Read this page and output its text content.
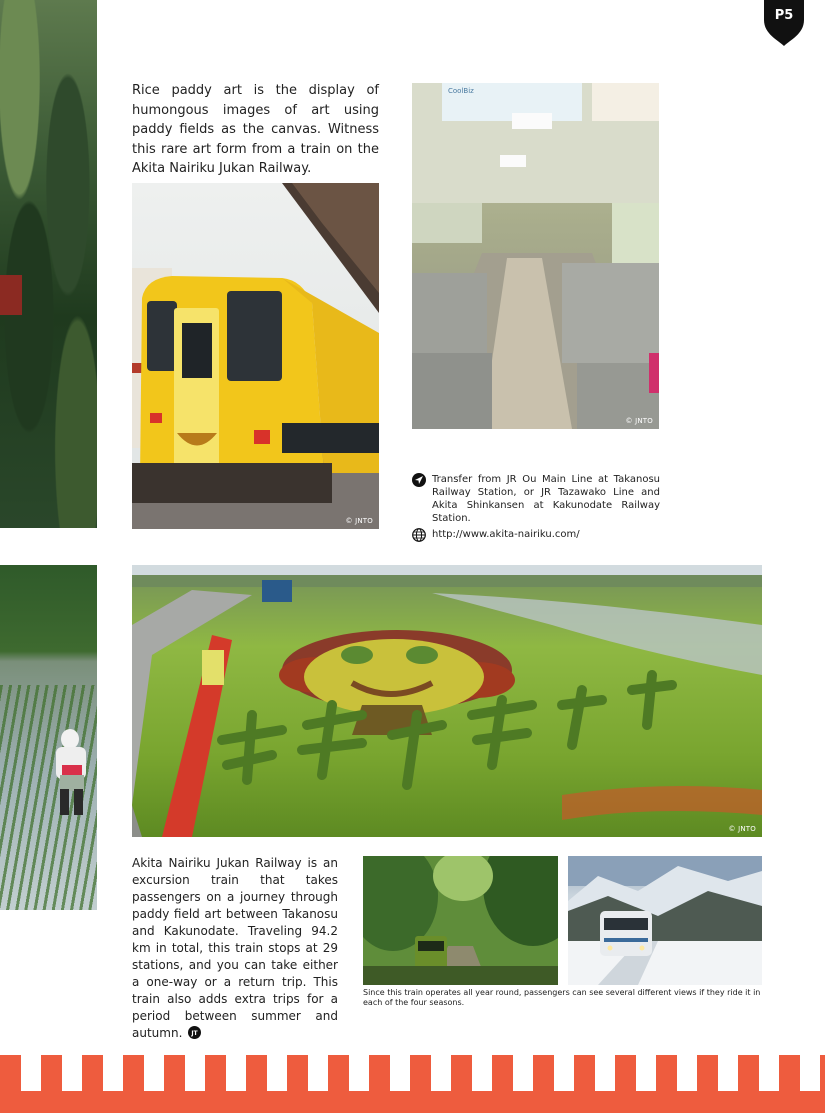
P5
Rice paddy art is the display of humongous images of art using paddy fields as the canvas. Witness this rare art form from a train on the Akita Nairiku Jukan Railway.
© JNTO
CoolBiz
© JNTO
Transfer from JR Ou Main Line at Takanosu Railway Station, or JR Tazawako Line and Akita Shinkansen at Kakunodate Railway Station.
http://www.akita-nairiku.com/
© JNTO
Akita Nairiku Jukan Railway is an excursion train that takes passengers on a journey through paddy field art between Takanosu and Kakunodate. Traveling 94.2 km in total, this train stops at 29 stations, and you can take either a one-way or a return trip. This train also adds extra trips for a period between summer and autumn. JT
Since this train operates all year round, passengers can see several different views if they ride it in each of the four seasons.
